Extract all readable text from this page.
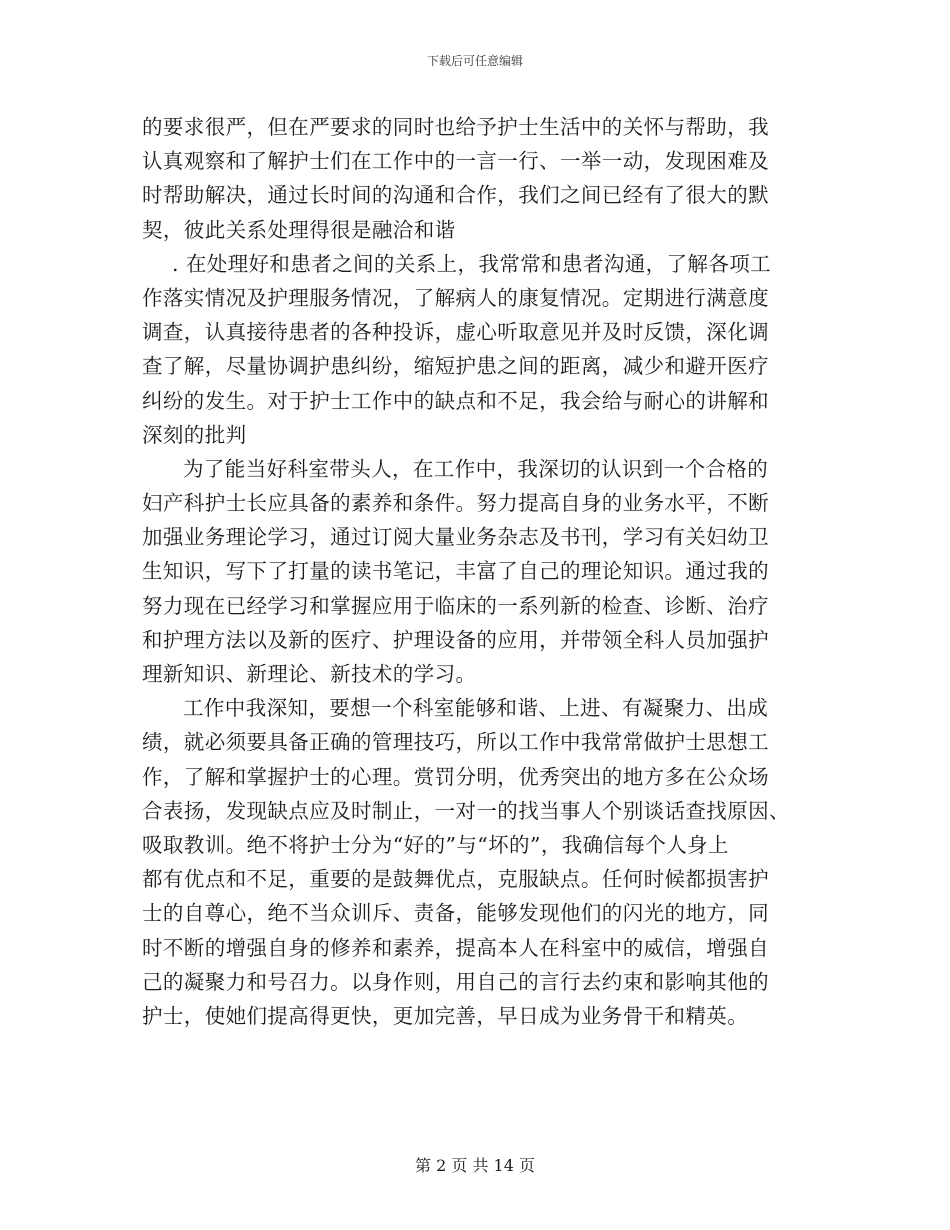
下载后可任意编辑
的要求很严，但在严要求的同时也给予护士生活中的关怀与帮助，我
认真观察和了解护士们在工作中的一言一行、一举一动，发现困难及
时帮助解决，通过长时间的沟通和合作，我们之间已经有了很大的默
契，彼此关系处理得很是融洽和谐
. 在处理好和患者之间的关系上，我常常和患者沟通，了解各项工
作落实情况及护理服务情况，了解病人的康复情况。定期进行满意度
调查，认真接待患者的各种投诉，虚心听取意见并及时反馈，深化调
查了解，尽量协调护患纠纷，缩短护患之间的距离，减少和避开医疗
纠纷的发生。对于护士工作中的缺点和不足，我会给与耐心的讲解和
深刻的批判
为了能当好科室带头人，在工作中，我深切的认识到一个合格的
妇产科护士长应具备的素养和条件。努力提高自身的业务水平，不断
加强业务理论学习，通过订阅大量业务杂志及书刊，学习有关妇幼卫
生知识，写下了打量的读书笔记，丰富了自己的理论知识。通过我的
努力现在已经学习和掌握应用于临床的一系列新的检查、诊断、治疗
和护理方法以及新的医疗、护理设备的应用，并带领全科人员加强护
理新知识、新理论、新技术的学习。
工作中我深知，要想一个科室能够和谐、上进、有凝聚力、出成
绩，就必须要具备正确的管理技巧，所以工作中我常常做护士思想工
作，了解和掌握护士的心理。赏罚分明，优秀突出的地方多在公众场
合表扬，发现缺点应及时制止，一对一的找当事人个别谈话查找原因、
吸取教训。绝不将护士分为“好的”与“坏的”，我确信每个人身上
都有优点和不足，重要的是鼓舞优点，克服缺点。任何时候都损害护
士的自尊心，绝不当众训斥、责备，能够发现他们的闪光的地方，同
时不断的增强自身的修养和素养，提高本人在科室中的威信，增强自
己的凝聚力和号召力。以身作则，用自己的言行去约束和影响其他的
护士，使她们提高得更快，更加完善，早日成为业务骨干和精英。
第 2 页 共 14 页
